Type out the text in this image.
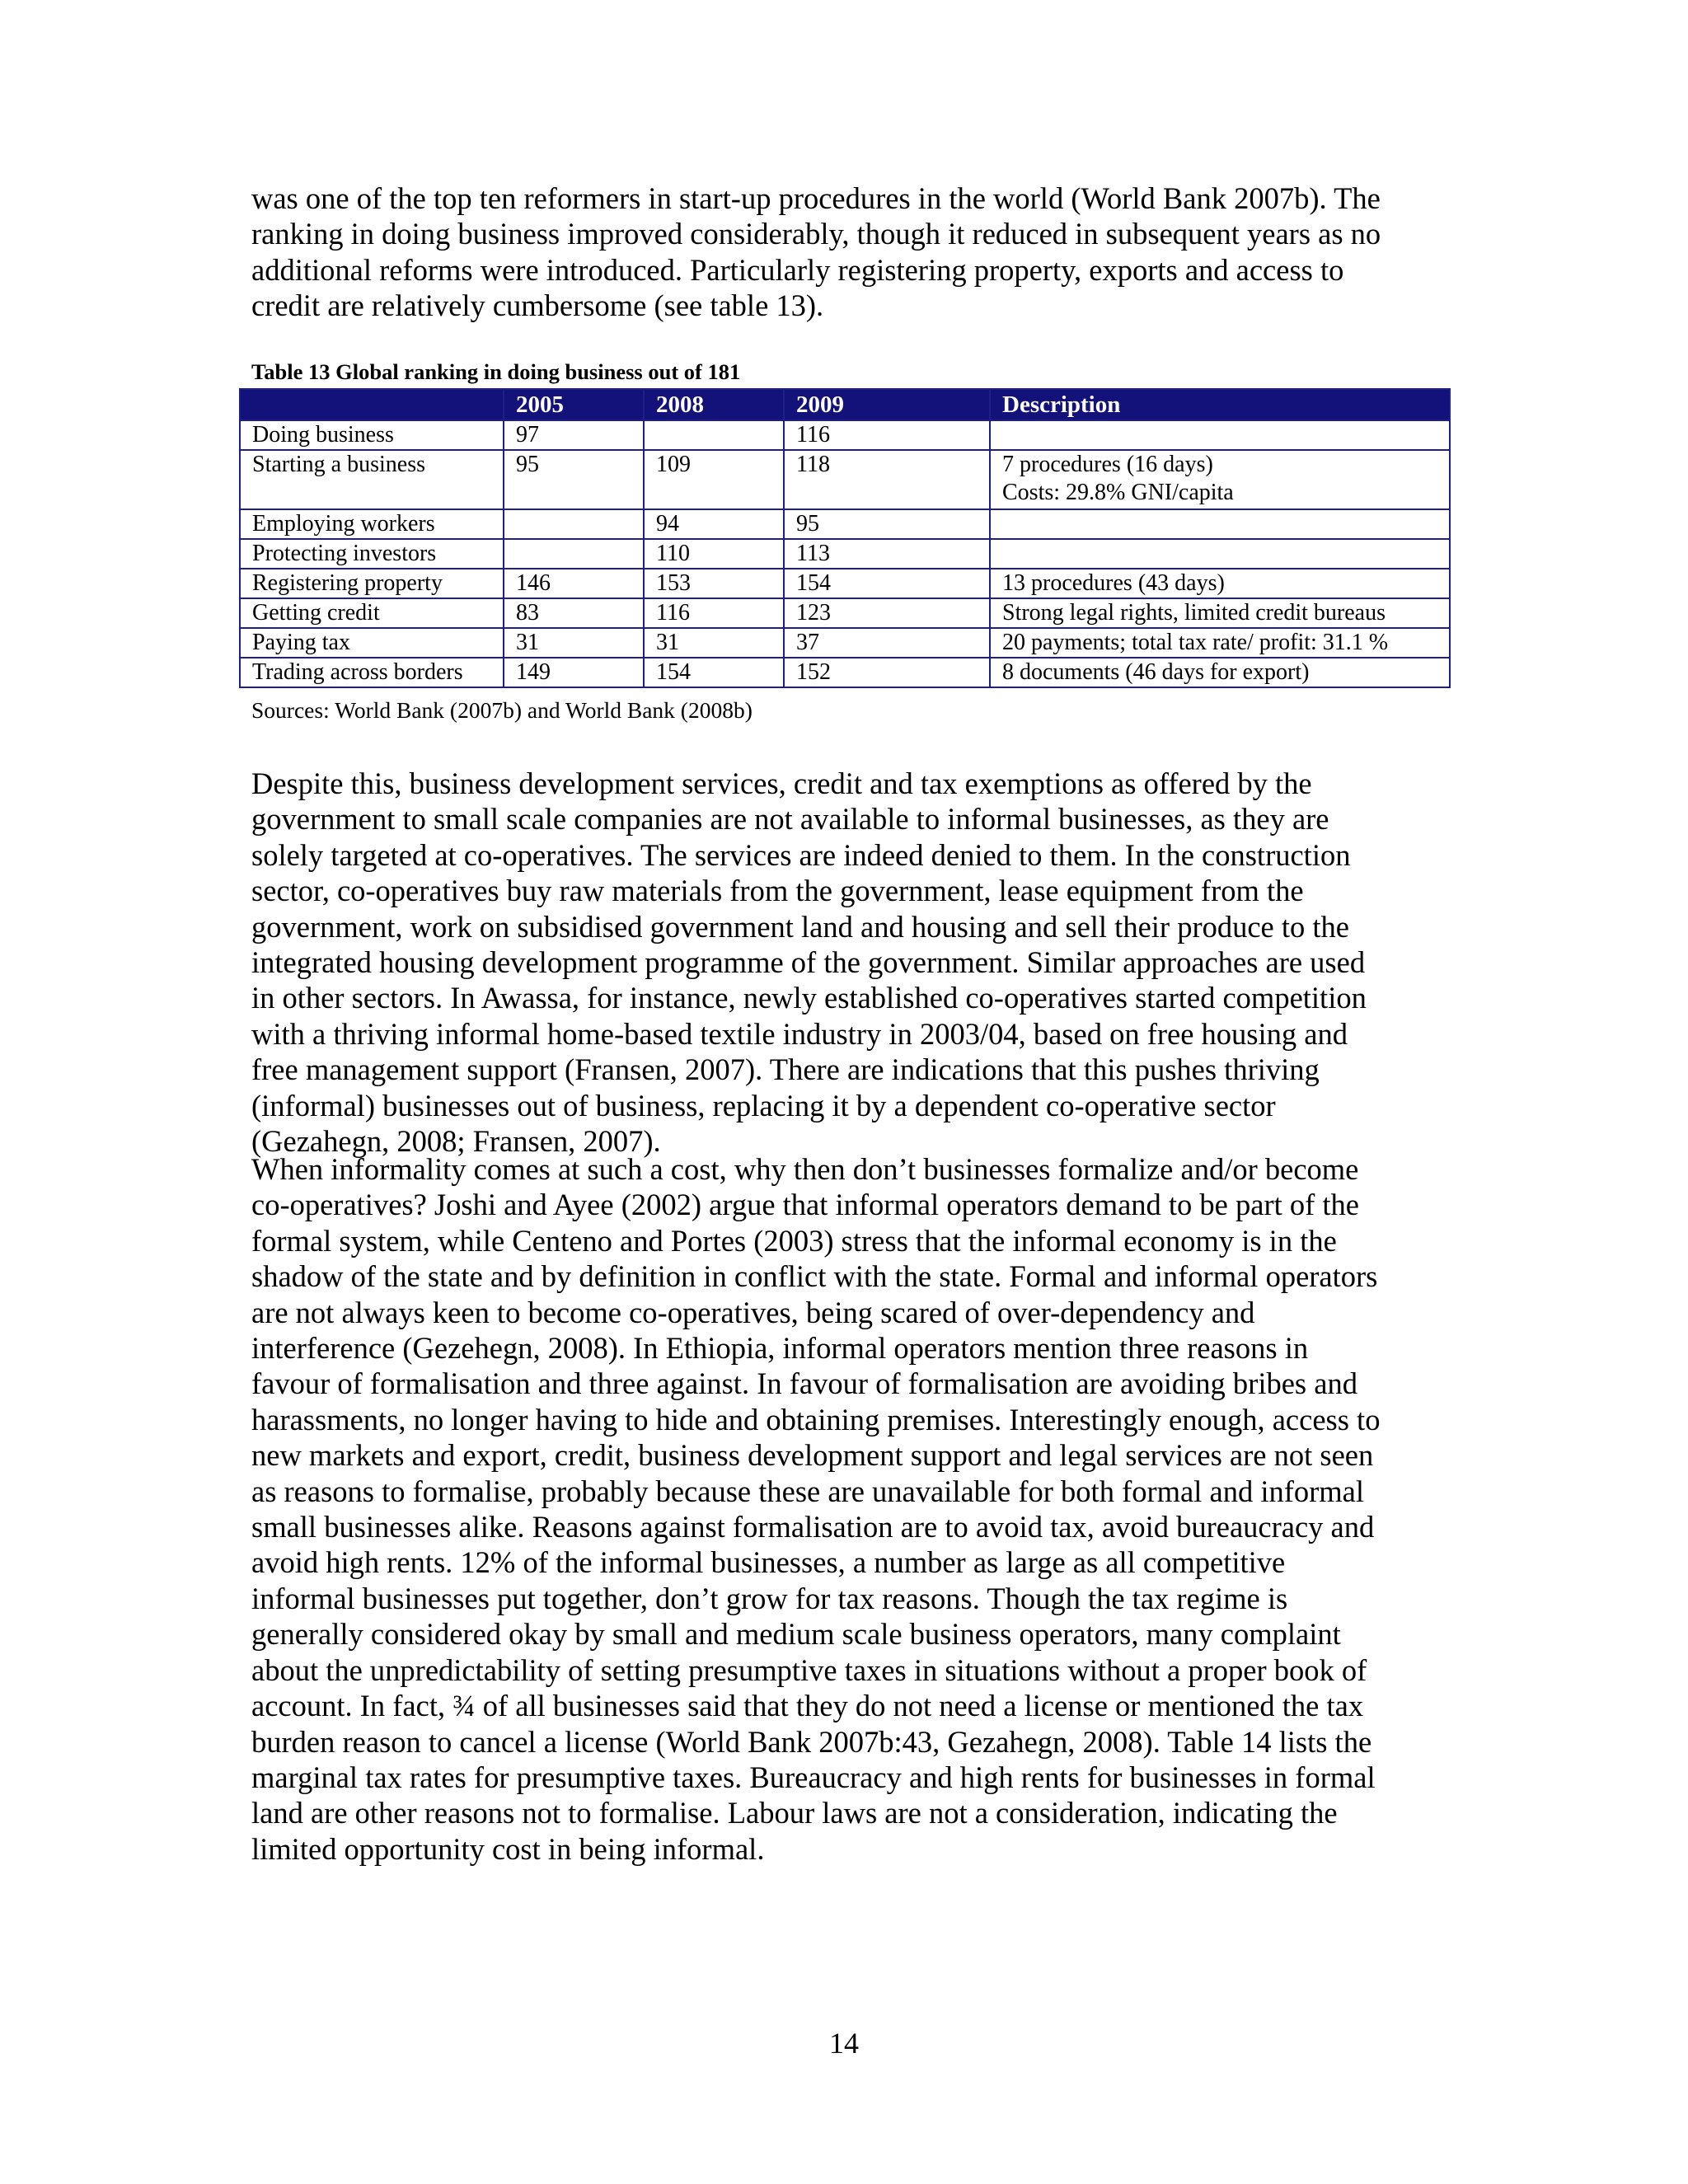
was one of the top ten reformers in start-up procedures in the world (World Bank 2007b). The
ranking in doing business improved considerably, though it reduced in subsequent years as no
additional reforms were introduced. Particularly registering property, exports and access to
credit are relatively cumbersome (see table 13).

Table 13 Global ranking in doing business out of 181

	2005	2008	2009	Description
Doing business	97		116	
Starting a business	95	109	118	7 procedures (16 days)
Costs: 29.8% GNI/capita

Employing workers		94	95	
Protecting investors		110	113	
Registering property	146	153	154	13 procedures (43 days)
Getting credit	83	116	123	Strong legal rights, limited credit bureaus
Paying tax	31	31	37	20 payments; total tax rate/ profit: 31.1 %
Trading across borders	149	154	152	8 documents (46 days for export)

Sources: World Bank (2007b) and World Bank (2008b)

Despite this, business development services, credit and tax exemptions as offered by the
government to small scale companies are not available to informal businesses, as they are
solely targeted at co-operatives. The services are indeed denied to them. In the construction
sector, co-operatives buy raw materials from the government, lease equipment from the
government, work on subsidised government land and housing and sell their produce to the
integrated housing development programme of the government. Similar approaches are used
in other sectors. In Awassa, for instance, newly established co-operatives started competition
with a thriving informal home-based textile industry in 2003/04, based on free housing and
free management support (Fransen, 2007). There are indications that this pushes thriving
(informal) businesses out of business, replacing it by a dependent co-operative sector
(Gezahegn, 2008; Fransen, 2007).

When informality comes at such a cost, why then don’t businesses formalize and/or become
co-operatives? Joshi and Ayee (2002) argue that informal operators demand to be part of the
formal system, while Centeno and Portes (2003) stress that the informal economy is in the
shadow of the state and by definition in conflict with the state. Formal and informal operators
are not always keen to become co-operatives, being scared of over-dependency and
interference (Gezehegn, 2008). In Ethiopia, informal operators mention three reasons in
favour of formalisation and three against. In favour of formalisation are avoiding bribes and
harassments, no longer having to hide and obtaining premises. Interestingly enough, access to
new markets and export, credit, business development support and legal services are not seen
as reasons to formalise, probably because these are unavailable for both formal and informal
small businesses alike. Reasons against formalisation are to avoid tax, avoid bureaucracy and
avoid high rents. 12% of the informal businesses, a number as large as all competitive
informal businesses put together, don’t grow for tax reasons. Though the tax regime is
generally considered okay by small and medium scale business operators, many complaint
about the unpredictability of setting presumptive taxes in situations without a proper book of
account. In fact, ¾ of all businesses said that they do not need a license or mentioned the tax
burden reason to cancel a license (World Bank 2007b:43, Gezahegn, 2008). Table 14 lists the
marginal tax rates for presumptive taxes. Bureaucracy and high rents for businesses in formal
land are other reasons not to formalise. Labour laws are not a consideration, indicating the
limited opportunity cost in being informal.

14
